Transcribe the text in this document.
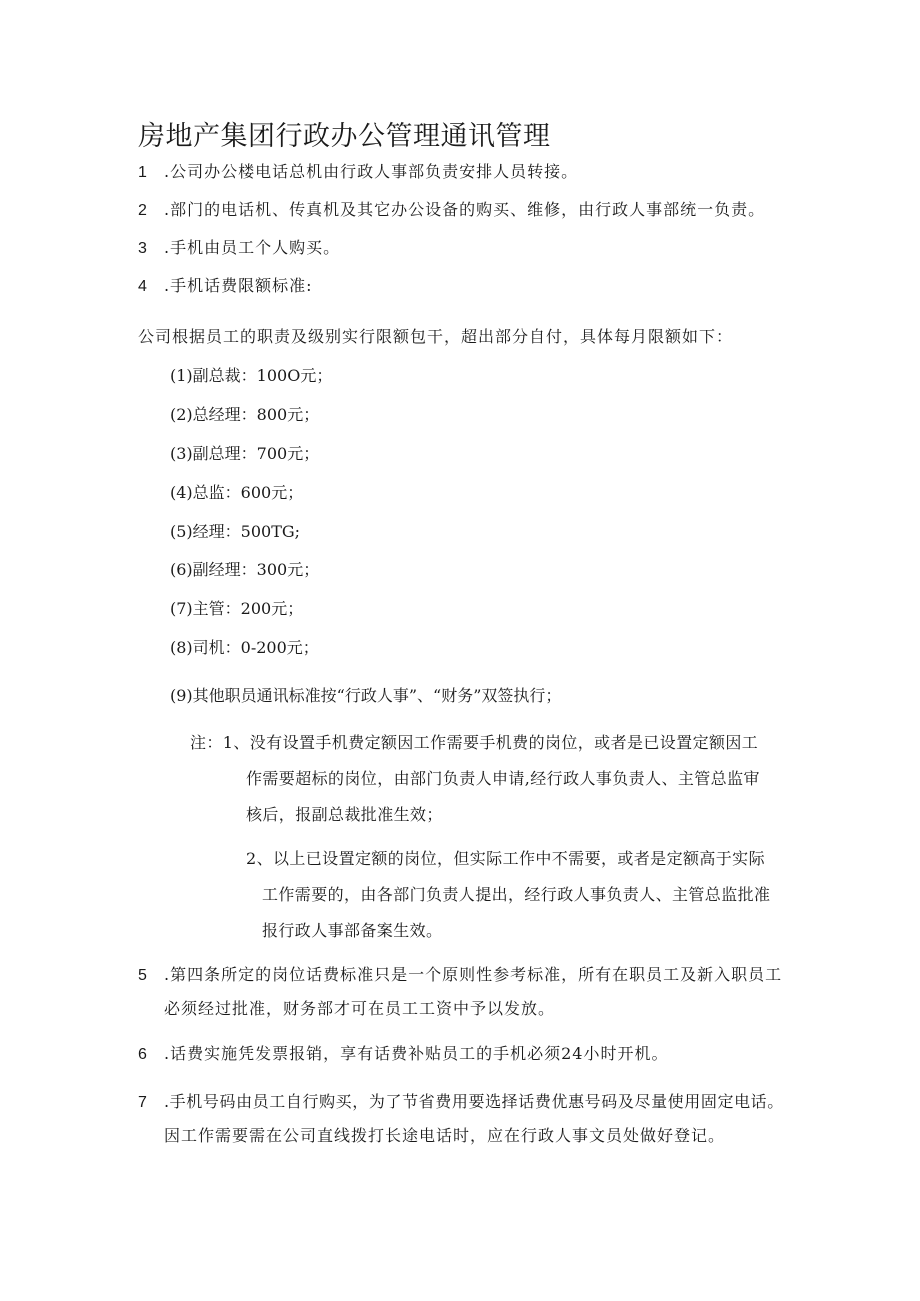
房地产集团行政办公管理通讯管理
1 .公司办公楼电话总机由行政人事部负责安排人员转接。
2 .部门的电话机、传真机及其它办公设备的购买、维修，由行政人事部统一负责。
3 .手机由员工个人购买。
4 .手机话费限额标准:
公司根据员工的职责及级别实行限额包干，超出部分自付，具体每月限额如下：
(1)副总裁：100O元；
(2)总经理：800元；
(3)副总理：700元；
(4)总监：600元；
(5)经理：500TG;
(6)副经理：300元；
(7)主管：200元；
(8)司机：0-200元；
(9)其他职员通讯标准按“行政人事”、“财务”双签执行；
注：1、没有设置手机费定额因工作需要手机费的岗位，或者是已设置定额因工
作需要超标的岗位，由部门负责人申请,经行政人事负责人、主管总监审
核后，报副总裁批准生效；
2、以上已设置定额的岗位，但实际工作中不需要，或者是定额高于实际
工作需要的，由各部门负责人提出，经行政人事负责人、主管总监批准
报行政人事部备案生效。
5 .第四条所定的岗位话费标准只是一个原则性参考标准，所有在职员工及新入职员工
必须经过批准，财务部才可在员工工资中予以发放。
6 .话费实施凭发票报销，享有话费补贴员工的手机必须24小时开机。
7 .手机号码由员工自行购买，为了节省费用要选择话费优惠号码及尽量使用固定电话。
因工作需要需在公司直线拨打长途电话时，应在行政人事文员处做好登记。
